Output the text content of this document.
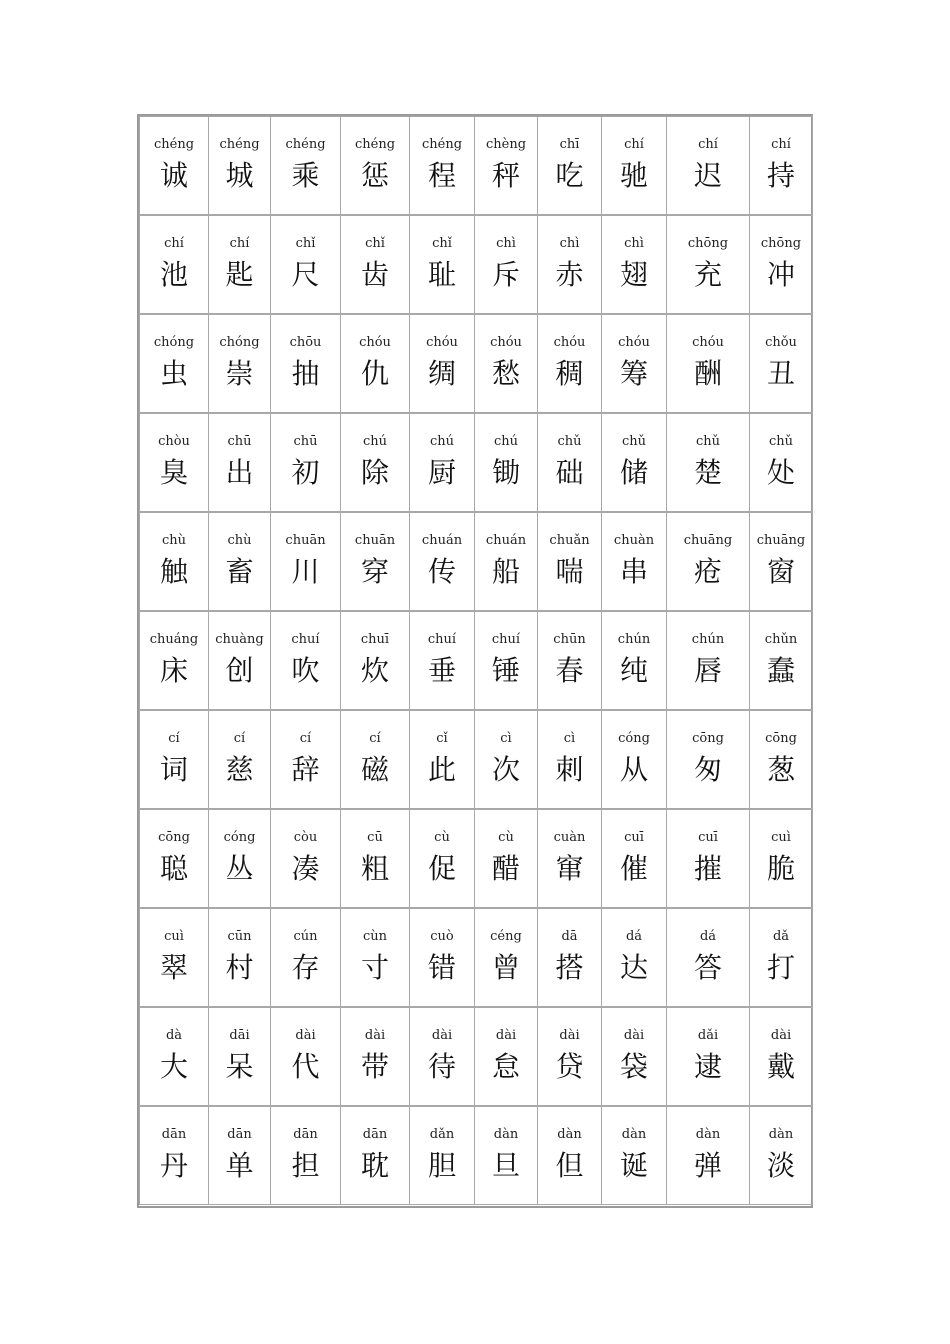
chéng
诚
chéng
城
chéng
乘
chéng
惩
chéng
程
chèng
秤
chī
吃
chí
驰
chí
迟
chí
持
chí
池
chí
匙
chǐ
尺
chǐ
齿
chǐ
耻
chì
斥
chì
赤
chì
翅
chōng
充
chōng
冲
chóng
虫
chóng
崇
chōu
抽
chóu
仇
chóu
绸
chóu
愁
chóu
稠
chóu
筹
chóu
酬
chǒu
丑
chòu
臭
chū
出
chū
初
chú
除
chú
厨
chú
锄
chǔ
础
chǔ
储
chǔ
楚
chǔ
处
chù
触
chù
畜
chuān
川
chuān
穿
chuán
传
chuán
船
chuǎn
喘
chuàn
串
chuāng
疮
chuāng
窗
chuáng
床
chuàng
创
chuí
吹
chuī
炊
chuí
垂
chuí
锤
chūn
春
chún
纯
chún
唇
chǔn
蠢
cí
词
cí
慈
cí
辞
cí
磁
cǐ
此
cì
次
cì
刺
cóng
从
cōng
匆
cōng
葱
cōng
聪
cóng
丛
còu
凑
cū
粗
cù
促
cù
醋
cuàn
窜
cuī
催
cuī
摧
cuì
脆
cuì
翠
cūn
村
cún
存
cùn
寸
cuò
错
céng
曾
dā
搭
dá
达
dá
答
dǎ
打
dà
大
dāi
呆
dài
代
dài
带
dài
待
dài
怠
dài
贷
dài
袋
dǎi
逮
dài
戴
dān
丹
dān
单
dān
担
dān
耽
dǎn
胆
dàn
旦
dàn
但
dàn
诞
dàn
弹
dàn
淡
